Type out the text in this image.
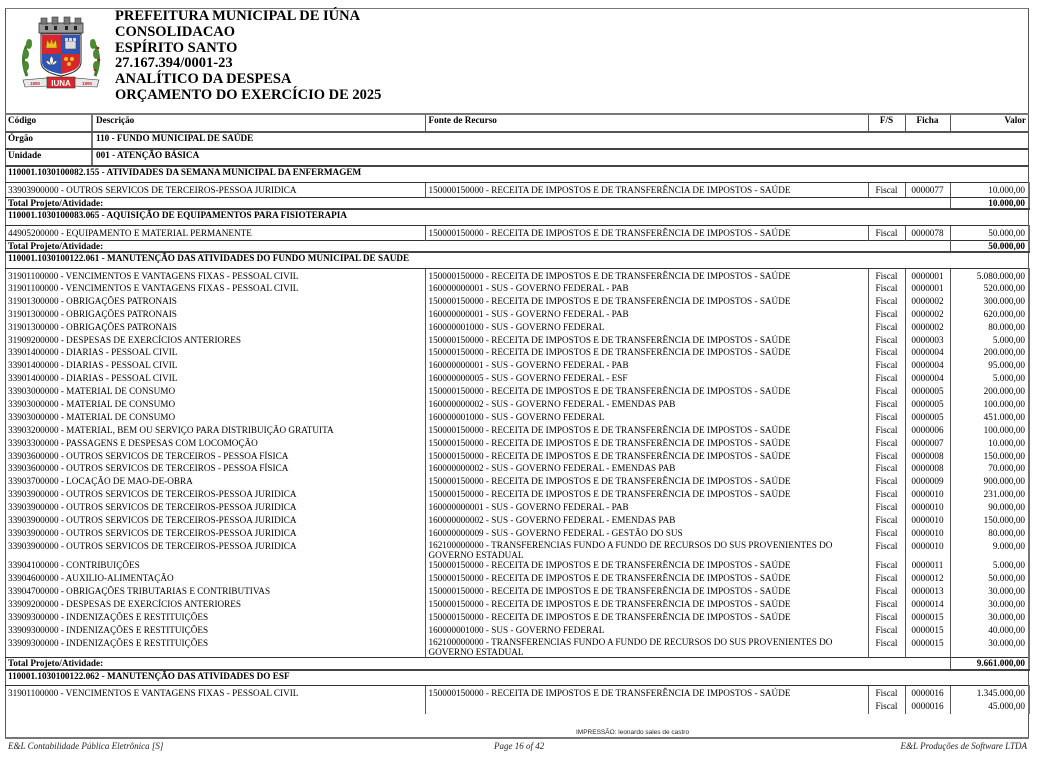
IUNA
1890	1890
PREFEITURA MUNICIPAL DE IÚNA
CONSOLIDACAO
ESPÍRITO SANTO
27.167.394/0001-23
ANALÍTICO DA DESPESA
ORÇAMENTO DO EXERCÍCIO DE 2025
Código	Descrição	Fonte de Recurso	F/S	Ficha	Valor
Órgão	110 - FUNDO MUNICIPAL DE SAÚDE				
Unidade	001 - ATENÇÃO BÁSICA				
110001.1030100082.155 - ATIVIDADES DA SEMANA MUNICIPAL DA ENFERMAGEM					
33903900000 - OUTROS SERVICOS DE TERCEIROS-PESSOA JURIDICA		150000150000 - RECEITA DE IMPOSTOS E DE TRANSFERÊNCIA DE IMPOSTOS - SAÚDE	Fiscal	0000077	10.000,00
Total Projeto/Atividade:					10.000,00
110001.1030100083.065 - AQUISIÇÃO DE EQUIPAMENTOS PARA FISIOTERAPIA					
44905200000 - EQUIPAMENTO E MATERIAL PERMANENTE		150000150000 - RECEITA DE IMPOSTOS E DE TRANSFERÊNCIA DE IMPOSTOS - SAÚDE	Fiscal	0000078	50.000,00
Total Projeto/Atividade:					50.000,00
110001.1030100122.061 - MANUTENÇÃO DAS ATIVIDADES DO FUNDO MUNICIPAL DE SAUDE					
31901100000 - VENCIMENTOS E VANTAGENS FIXAS - PESSOAL CIVIL		150000150000 - RECEITA DE IMPOSTOS E DE TRANSFERÊNCIA DE IMPOSTOS - SAÚDE	Fiscal	0000001	5.080.000,00
31901100000 - VENCIMENTOS E VANTAGENS FIXAS - PESSOAL CIVIL		160000000001 - SUS - GOVERNO FEDERAL - PAB	Fiscal	0000001	520.000,00
31901300000 - OBRIGAÇÕES PATRONAIS		150000150000 - RECEITA DE IMPOSTOS E DE TRANSFERÊNCIA DE IMPOSTOS - SAÚDE	Fiscal	0000002	300.000,00
31901300000 - OBRIGAÇÕES PATRONAIS		160000000001 - SUS - GOVERNO FEDERAL - PAB	Fiscal	0000002	620.000,00
31901300000 - OBRIGAÇÕES PATRONAIS		160000001000 - SUS - GOVERNO FEDERAL	Fiscal	0000002	80.000,00
31909200000 - DESPESAS DE EXERCÍCIOS ANTERIORES		150000150000 - RECEITA DE IMPOSTOS E DE TRANSFERÊNCIA DE IMPOSTOS - SAÚDE	Fiscal	0000003	5.000,00
33901400000 - DIARIAS - PESSOAL CIVIL		150000150000 - RECEITA DE IMPOSTOS E DE TRANSFERÊNCIA DE IMPOSTOS - SAÚDE	Fiscal	0000004	200.000,00
33901400000 - DIARIAS - PESSOAL CIVIL		160000000001 - SUS - GOVERNO FEDERAL - PAB	Fiscal	0000004	95.000,00
33901400000 - DIARIAS - PESSOAL CIVIL		160000000005 - SUS - GOVERNO FEDERAL - ESF	Fiscal	0000004	5.000,00
33903000000 - MATERIAL DE CONSUMO		150000150000 - RECEITA DE IMPOSTOS E DE TRANSFERÊNCIA DE IMPOSTOS - SAÚDE	Fiscal	0000005	200.000,00
33903000000 - MATERIAL DE CONSUMO		160000000002 - SUS - GOVERNO FEDERAL - EMENDAS PAB	Fiscal	0000005	100.000,00
33903000000 - MATERIAL DE CONSUMO		160000001000 - SUS - GOVERNO FEDERAL	Fiscal	0000005	451.000,00
33903200000 - MATERIAL, BEM OU SERVIÇO PARA DISTRIBUIÇÃO GRATUITA		150000150000 - RECEITA DE IMPOSTOS E DE TRANSFERÊNCIA DE IMPOSTOS - SAÚDE	Fiscal	0000006	100.000,00
33903300000 - PASSAGENS E DESPESAS COM LOCOMOÇÃO		150000150000 - RECEITA DE IMPOSTOS E DE TRANSFERÊNCIA DE IMPOSTOS - SAÚDE	Fiscal	0000007	10.000,00
33903600000 - OUTROS SERVICOS DE TERCEIROS - PESSOA FÍSICA		150000150000 - RECEITA DE IMPOSTOS E DE TRANSFERÊNCIA DE IMPOSTOS - SAÚDE	Fiscal	0000008	150.000,00
33903600000 - OUTROS SERVICOS DE TERCEIROS - PESSOA FÍSICA		160000000002 - SUS - GOVERNO FEDERAL - EMENDAS PAB	Fiscal	0000008	70.000,00
33903700000 - LOCAÇÃO DE MAO-DE-OBRA		150000150000 - RECEITA DE IMPOSTOS E DE TRANSFERÊNCIA DE IMPOSTOS - SAÚDE	Fiscal	0000009	900.000,00
33903900000 - OUTROS SERVICOS DE TERCEIROS-PESSOA JURIDICA		150000150000 - RECEITA DE IMPOSTOS E DE TRANSFERÊNCIA DE IMPOSTOS - SAÚDE	Fiscal	0000010	231.000,00
33903900000 - OUTROS SERVICOS DE TERCEIROS-PESSOA JURIDICA		160000000001 - SUS - GOVERNO FEDERAL - PAB	Fiscal	0000010	90.000,00
33903900000 - OUTROS SERVICOS DE TERCEIROS-PESSOA JURIDICA		160000000002 - SUS - GOVERNO FEDERAL - EMENDAS PAB	Fiscal	0000010	150.000,00
33903900000 - OUTROS SERVICOS DE TERCEIROS-PESSOA JURIDICA		160000000009 - SUS - GOVERNO FEDERAL - GESTÃO DO SUS	Fiscal	0000010	80.000,00
33903900000 - OUTROS SERVICOS DE TERCEIROS-PESSOA JURIDICA		162100000000 - TRANSFERÊNCIAS FUNDO A FUNDO DE RECURSOS DO SUS PROVENIENTES DO GOVERNO ESTADUAL	Fiscal	0000010	9.000,00
33904100000 - CONTRIBUIÇÕES		150000150000 - RECEITA DE IMPOSTOS E DE TRANSFERÊNCIA DE IMPOSTOS - SAÚDE	Fiscal	0000011	5.000,00
33904600000 - AUXILIO-ALIMENTAÇÃO		150000150000 - RECEITA DE IMPOSTOS E DE TRANSFERÊNCIA DE IMPOSTOS - SAÚDE	Fiscal	0000012	50.000,00
33904700000 - OBRIGAÇÕES TRIBUTARIAS E CONTRIBUTIVAS		150000150000 - RECEITA DE IMPOSTOS E DE TRANSFERÊNCIA DE IMPOSTOS - SAÚDE	Fiscal	0000013	30.000,00
33909200000 - DESPESAS DE EXERCÍCIOS ANTERIORES		150000150000 - RECEITA DE IMPOSTOS E DE TRANSFERÊNCIA DE IMPOSTOS - SAÚDE	Fiscal	0000014	30.000,00
33909300000 - INDENIZAÇÕES E RESTITUIÇÕES		150000150000 - RECEITA DE IMPOSTOS E DE TRANSFERÊNCIA DE IMPOSTOS - SAÚDE	Fiscal	0000015	30.000,00
33909300000 - INDENIZAÇÕES E RESTITUIÇÕES		160000001000 - SUS - GOVERNO FEDERAL	Fiscal	0000015	40.000,00
33909300000 - INDENIZAÇÕES E RESTITUIÇÕES		162100000000 - TRANSFERÊNCIAS FUNDO A FUNDO DE RECURSOS DO SUS PROVENIENTES DO GOVERNO ESTADUAL	Fiscal	0000015	30.000,00
Total Projeto/Atividade:					9.661.000,00
110001.1030100122.062 - MANUTENÇÃO DAS ATIVIDADES DO ESF					
31901100000 - VENCIMENTOS E VANTAGENS FIXAS - PESSOAL CIVIL		150000150000 - RECEITA DE IMPOSTOS E DE TRANSFERÊNCIA DE IMPOSTOS - SAÚDE	Fiscal	0000016	1.345.000,00
			Fiscal	0000016	45.000,00
IMPRESSÃO: leonardo sales de castro
E&L Contabilidade Pública Eletrônica [S]	Page 16 of 42	E&L Produções de Software LTDA
